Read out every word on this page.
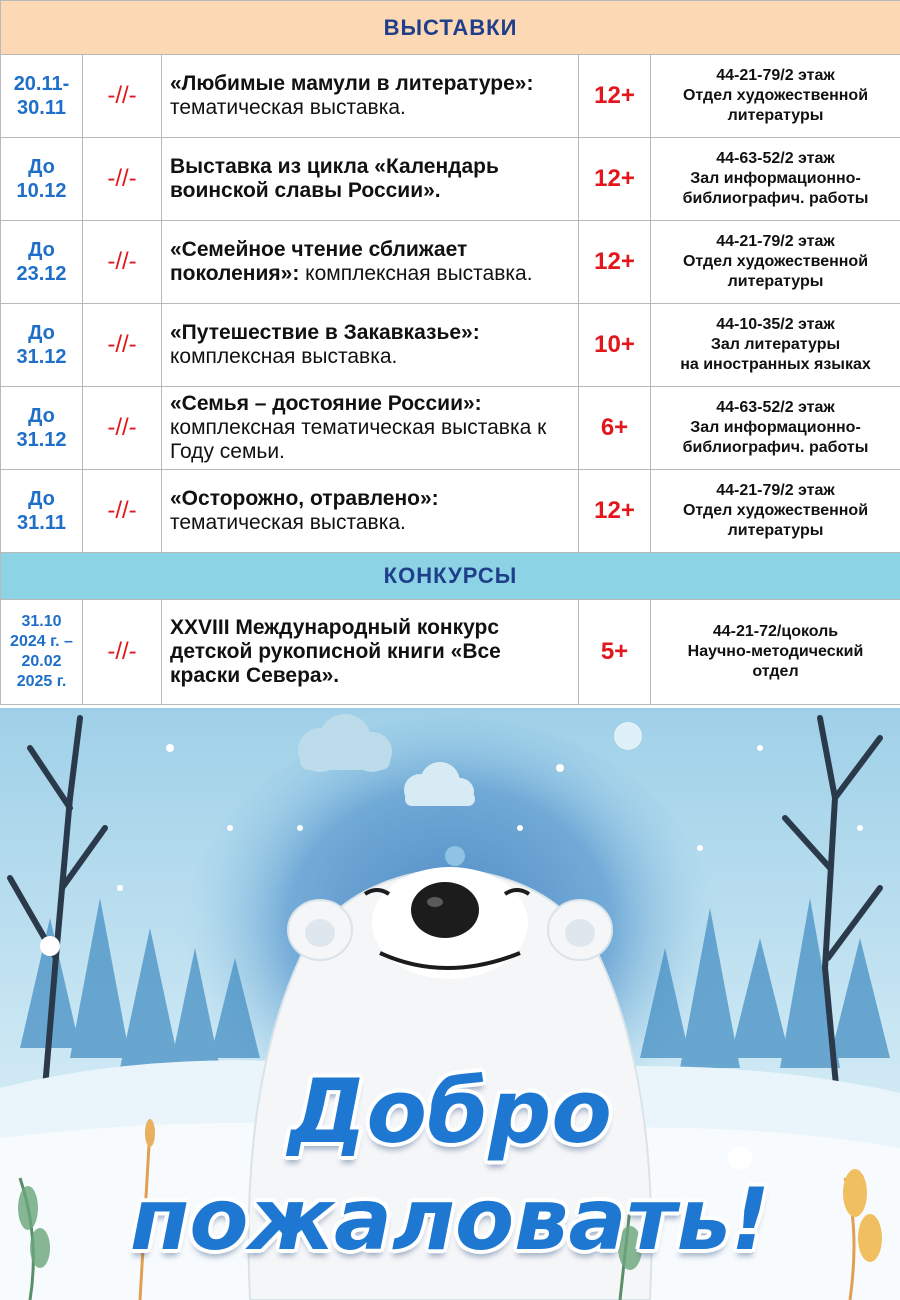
ВЫСТАВКИ				
20.11-
30.11	-//-	«Любимые мамули в литературе»: тематическая выставка.	12+	44-21-79/2 этаж
Отдел художественной
литературы
До
10.12	-//-	Выставка из цикла «Календарь воинской славы России».	12+	44-63-52/2 этаж
Зал информационно-
библиографич. работы
До
23.12	-//-	«Семейное чтение сближает поколения»: комплексная выставка.	12+	44-21-79/2 этаж
Отдел художественной
литературы
До
31.12	-//-	«Путешествие в Закавказье»: комплексная выставка.	10+	44-10-35/2 этаж
Зал литературы
на иностранных языках
До
31.12	-//-	«Семья – достояние России»: комплексная тематическая выставка к Году семьи.	6+	44-63-52/2 этаж
Зал информационно-
библиографич. работы
До
31.11	-//-	«Осторожно, отравлено»: тематическая выставка.	12+	44-21-79/2 этаж
Отдел художественной
литературы
КОНКУРСЫ				
31.10
2024 г. –
20.02
2025 г.	-//-	XXVIII Международный конкурс детской рукописной книги «Все краски Севера».	5+	44-21-72/цоколь
Научно-методический
отдел
Добро
пожаловать!
